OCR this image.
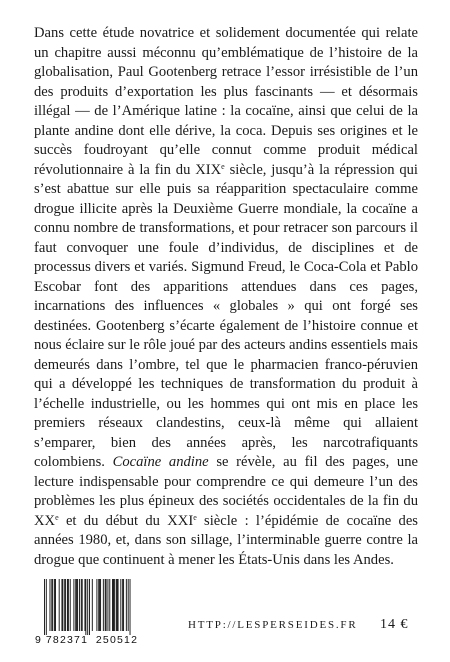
Dans cette étude novatrice et solidement documentée qui relate un chapitre aussi méconnu qu’emblématique de l’histoire de la globalisation, Paul Gootenberg retrace l’essor irrésistible de l’un des produits d’exportation les plus fascinants — et désormais illégal — de l’Amérique latine : la cocaïne, ainsi que celui de la plante andine dont elle dérive, la coca. Depuis ses origines et le succès foudroyant qu’elle connut comme produit médical révolutionnaire à la fin du XIXe siècle, jusqu’à la répression qui s’est abattue sur elle puis sa réapparition spectaculaire comme drogue illicite après la Deuxième Guerre mondiale, la cocaïne a connu nombre de transformations, et pour retracer son parcours il faut convoquer une foule d’individus, de disciplines et de processus divers et variés. Sigmund Freud, le Coca-Cola et Pablo Escobar font des apparitions attendues dans ces pages, incarnations des influences « globales » qui ont forgé ses destinées. Gootenberg s’écarte également de l’histoire connue et nous éclaire sur le rôle joué par des acteurs andins essentiels mais demeurés dans l’ombre, tel que le pharmacien franco-péruvien qui a développé les techniques de transformation du produit à l’échelle industrielle, ou les hommes qui ont mis en place les premiers réseaux clandestins, ceux-là même qui allaient s’emparer, bien des années après, les narcotrafiquants colombiens. Cocaïne andine se révèle, au fil des pages, une lecture indispensable pour comprendre ce qui demeure l’un des problèmes les plus épineux des sociétés occidentales de la fin du XXe et du début du XXIe siècle : l’épidémie de cocaïne des années 1980, et, dans son sillage, l’interminable guerre contre la drogue que continuent à mener les États-Unis dans les Andes.
9 782371 250512
HTTP://LESPERSEIDES.FR 14 €
